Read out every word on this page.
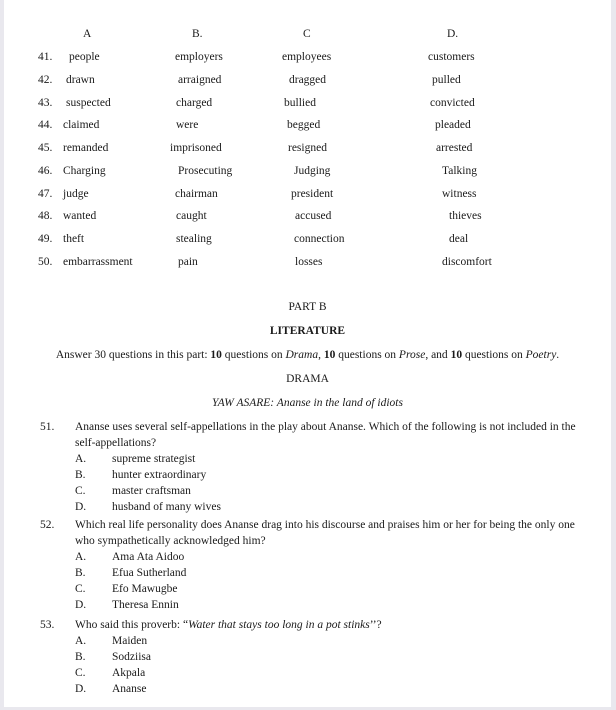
A	B.	C	D.
41. people	employers	employees	customers
42. drawn	arraigned	dragged	pulled
43. suspected	charged	bullied	convicted
44. claimed	were	begged	pleaded
45. remanded	imprisoned	resigned	arrested
46. Charging	Prosecuting	Judging	Talking
47. judge	chairman	president	witness
48. wanted	caught	accused	thieves
49. theft	stealing	connection	deal
50. embarrassment	pain	losses	discomfort
PART B
LITERATURE
Answer 30 questions in this part: 10 questions on Drama, 10 questions on Prose, and 10 questions on Poetry.
DRAMA
YAW ASARE: Ananse in the land of idiots
51. Ananse uses several self-appellations in the play about Ananse. Which of the following is not included in the self-appellations?
A. supreme strategist
B. hunter extraordinary
C. master craftsman
D. husband of many wives
52. Which real life personality does Ananse drag into his discourse and praises him or her for being the only one who sympathetically acknowledged him?
A. Ama Ata Aidoo
B. Efua Sutherland
C. Efo Mawugbe
D. Theresa Ennin
53. Who said this proverb: “Water that stays too long in a pot stinks’’?
A. Maiden
B. Sodziisa
C. Akpala
D. Ananse
